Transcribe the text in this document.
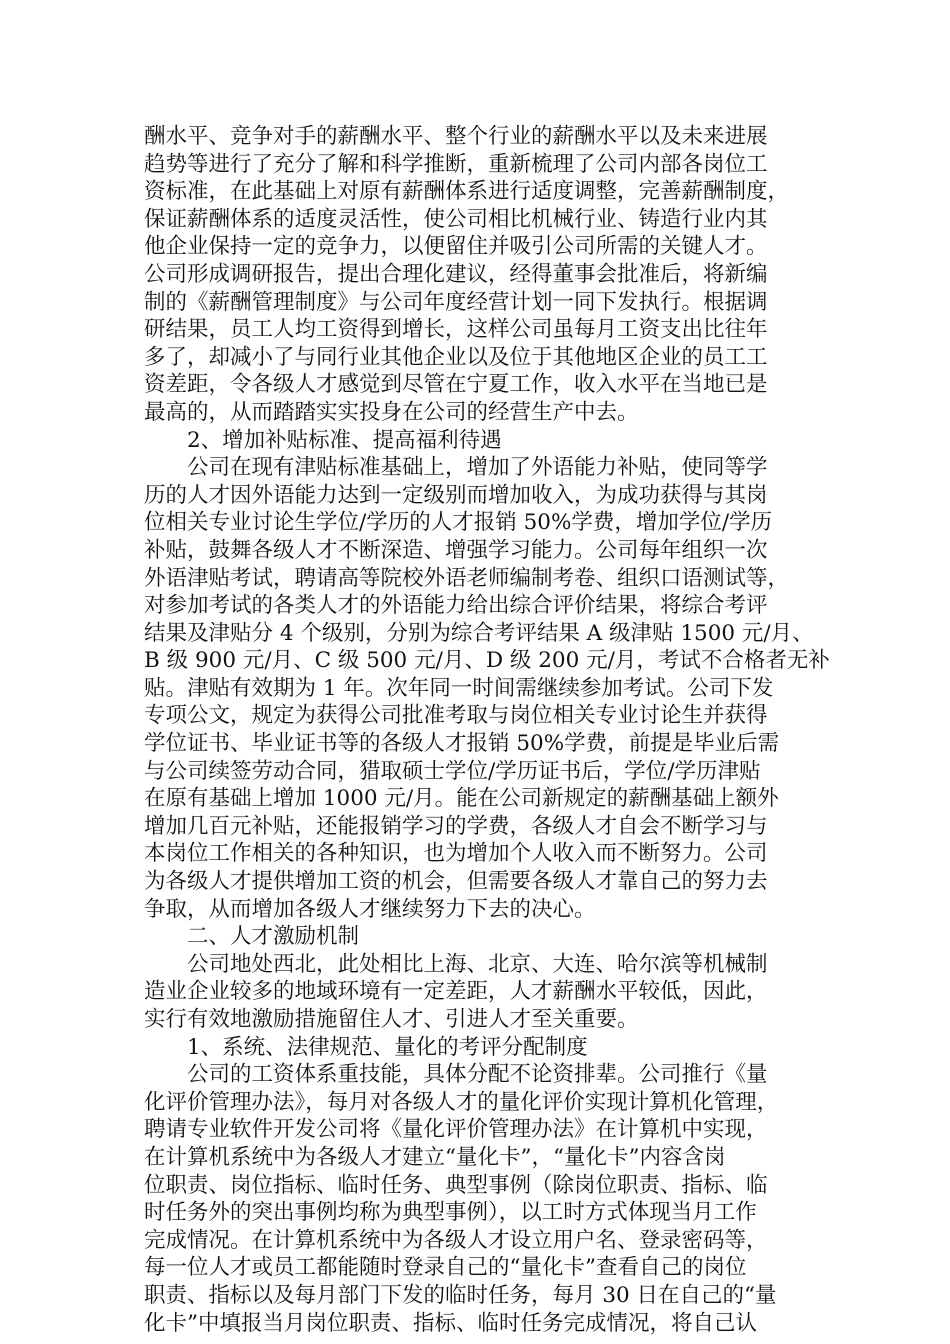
酬水平、竞争对手的薪酬水平、整个行业的薪酬水平以及未来进展
趋势等进行了充分了解和科学推断，重新梳理了公司内部各岗位工
资标准，在此基础上对原有薪酬体系进行适度调整，完善薪酬制度，
保证薪酬体系的适度灵活性，使公司相比机械行业、铸造行业内其
他企业保持一定的竞争力，以便留住并吸引公司所需的关键人才。
公司形成调研报告，提出合理化建议，经得董事会批准后，将新编
制的《薪酬管理制度》与公司年度经营计划一同下发执行。根据调
研结果，员工人均工资得到增长，这样公司虽每月工资支出比往年
多了，却减小了与同行业其他企业以及位于其他地区企业的员工工
资差距，令各级人才感觉到尽管在宁夏工作，收入水平在当地已是
最高的，从而踏踏实实投身在公司的经营生产中去。
2、增加补贴标准、提高福利待遇
公司在现有津贴标准基础上，增加了外语能力补贴，使同等学
历的人才因外语能力达到一定级别而增加收入，为成功获得与其岗
位相关专业讨论生学位/学历的人才报销 50%学费，增加学位/学历
补贴，鼓舞各级人才不断深造、增强学习能力。公司每年组织一次
外语津贴考试，聘请高等院校外语老师编制考卷、组织口语测试等，
对参加考试的各类人才的外语能力给出综合评价结果，将综合考评
结果及津贴分 4 个级别，分别为综合考评结果 A 级津贴 1500 元/月、
B 级 900 元/月、C 级 500 元/月、D 级 200 元/月，考试不合格者无补
贴。津贴有效期为 1 年。次年同一时间需继续参加考试。公司下发
专项公文，规定为获得公司批准考取与岗位相关专业讨论生并获得
学位证书、毕业证书等的各级人才报销 50%学费，前提是毕业后需
与公司续签劳动合同，猎取硕士学位/学历证书后，学位/学历津贴
在原有基础上增加 1000 元/月。能在公司新规定的薪酬基础上额外
增加几百元补贴，还能报销学习的学费，各级人才自会不断学习与
本岗位工作相关的各种知识，也为增加个人收入而不断努力。公司
为各级人才提供增加工资的机会，但需要各级人才靠自己的努力去
争取，从而增加各级人才继续努力下去的决心。
二、人才激励机制
公司地处西北，此处相比上海、北京、大连、哈尔滨等机械制
造业企业较多的地域环境有一定差距，人才薪酬水平较低，因此，
实行有效地激励措施留住人才、引进人才至关重要。
1、系统、法律规范、量化的考评分配制度
公司的工资体系重技能，具体分配不论资排辈。公司推行《量
化评价管理办法》，每月对各级人才的量化评价实现计算机化管理，
聘请专业软件开发公司将《量化评价管理办法》在计算机中实现，
在计算机系统中为各级人才建立“量化卡”，“量化卡”内容含岗
位职责、岗位指标、临时任务、典型事例（除岗位职责、指标、临
时任务外的突出事例均称为典型事例），以工时方式体现当月工作
完成情况。在计算机系统中为各级人才设立用户名、登录密码等，
每一位人才或员工都能随时登录自己的“量化卡”查看自己的岗位
职责、指标以及每月部门下发的临时任务，每月 30 日在自己的“量
化卡”中填报当月岗位职责、指标、临时任务完成情况，将自己认
